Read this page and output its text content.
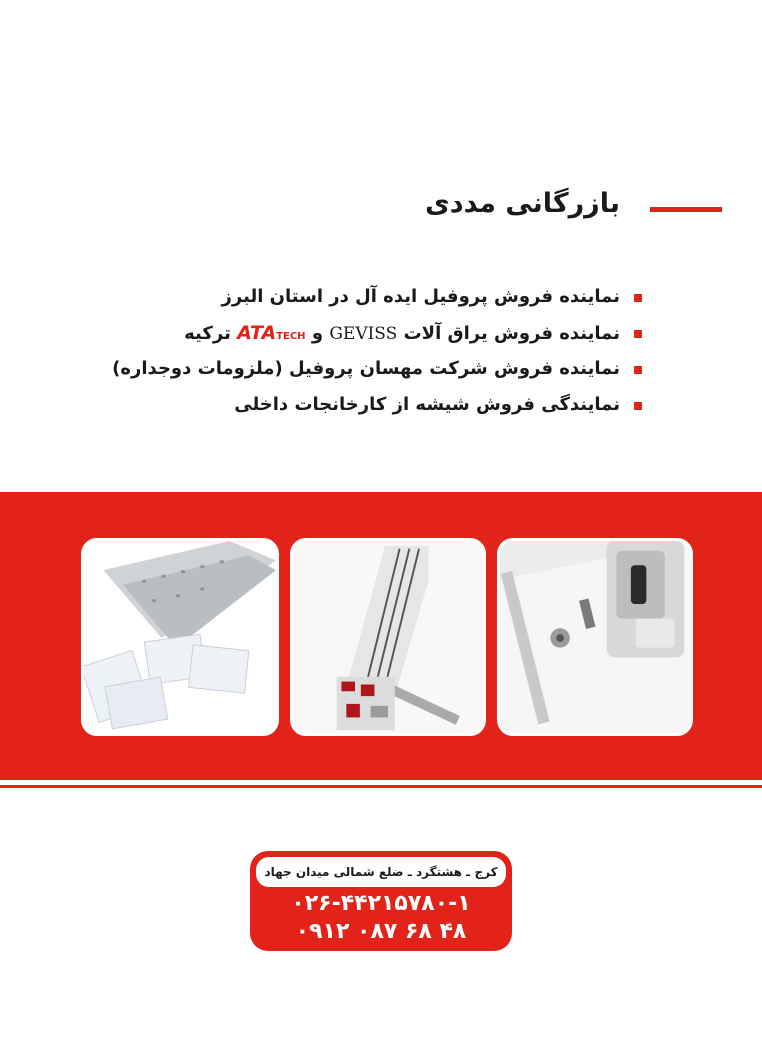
بازرگانی مددی
نماینده فروش پروفیل ایده آل در استان البرز
نماینده فروش یراق آلات GEVISS و ATATECH ترکیه
نماینده فروش شرکت مهسان پروفیل (ملزومات دوجداره)
نمایندگی فروش شیشه از کارخانجات داخلی
کرج ـ هشتگرد ـ ضلع شمالی میدان جهاد
۰۲۶-۴۴۲۱۵۷۸۰-۱
۰۹۱۲ ۰۸۷ ۶۸ ۴۸
